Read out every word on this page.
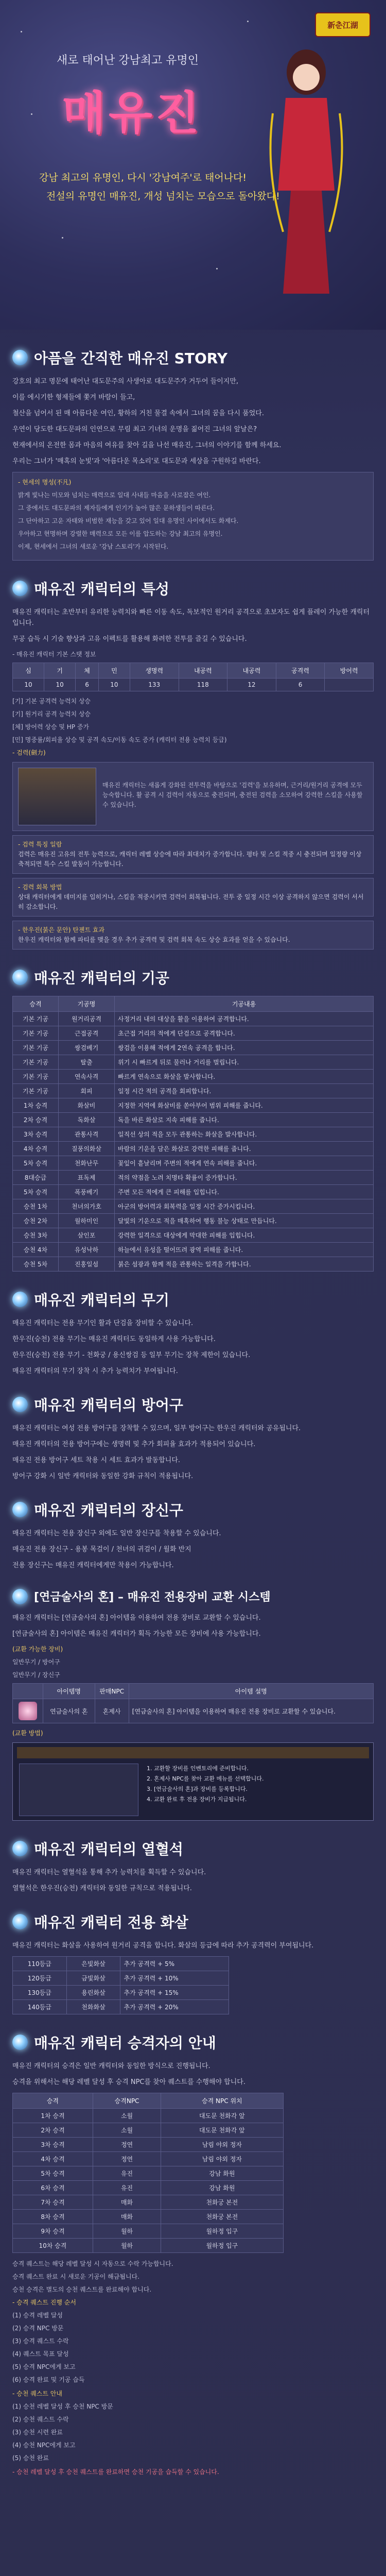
新춘江湖
새로 태어난 강남최고 유명인
매유진
강남 최고의 유명인, 다시 '강남여주'로 태어나다!
전설의 유명인 매유진, 개성 넘치는 모습으로 돌아왔다!
아픔을 간직한 매유진 STORY

강호의 최고 명문에 태어난 대도문주의 사생아로 대도문주가 거두어 들이지만,

이를 에시기한 형제들에 쫓겨 바람이 들고,

철산을 넘어서 된 매 아름다운 여인, 황하의 거친 물결 속에서 그녀의 꿈을 다시 품었다.

우연이 당도한 대도문파의 인연으로 무림 최고 기녀의 운명을 짊어진 그녀의 앞날은?

현재에서의 온전한 몸과 마음의 여유를 찾아 길을 나선 매유진, 그녀의 이야기를 함께 하세요.

우리는 그녀가 '매혹의 눈빛'과 '아름다운 목소리'로 대도문과 세상을 구원하길 바란다.

- 현세의 명성(不凡)

밝게 빛나는 미모와 넘치는 매력으로 일대 사내들 마음을 사로잡은 여인.

그 중에서도 대도문파의 제자들에게 인기가 높아 많은 문하생들이 따른다.

그 단아하고 고운 자태와 비범한 재능을 갖고 있어 일대 유명인 사이에서도 화제다.

우아하고 현명하며 강렬한 매력으로 모든 이를 압도하는 강남 최고의 유명인.

이제, 현세에서 그녀의 새로운 '강남 스토리'가 시작된다.

매유진 캐릭터의 특성

매유진 캐릭터는 초반부터 유리한 능력치와 빠른 이동 속도, 독보적인 원거리 공격으로 초보자도 쉽게 플레이 가능한 캐릭터입니다.

무공 습득 시 기술 향상과 고유 이펙트를 활용해 화려한 전투를 즐길 수 있습니다.

- 매유진 캐릭터 기본 스탯 정보

심	기	체	민	생명력	내공력	내공력	공격력	방어력
10	10	6	10	133	118	12	6	

[기] 기본 공격력 능력치 상승

[기] 원거리 공격 능력치 상승

[체] 방어력 상승 및 HP 증가

[민] 명중률/회피율 상승 및 공격 속도/이동 속도 증가 (캐릭터 전용 능력치 등급)

- 검력(劍力)

매유진 캐릭터는 새롭게 강화된 전투력을 바탕으로 '검력'을 보유하며, 근거리/원거리 공격에 모두 능숙합니다. 활 공격 시 검력이 자동으로 충전되며, 충전된 검력을 소모하여 강력한 스킬을 사용할 수 있습니다.

- 검력 특징 일람
검력은 매유진 고유의 전투 능력으로, 캐릭터 레벨 상승에 따라 최대치가 증가합니다. 평타 및 스킬 적중 시 충전되며 일정량 이상 축적되면 특수 스킬 발동이 가능합니다.
- 검력 회복 방법
상대 캐릭터에게 데미지를 입히거나, 스킬을 적중시키면 검력이 회복됩니다. 전투 중 일정 시간 이상 공격하지 않으면 검력이 서서히 감소합니다.
- 한우진(붉은 문안) 탄젠트 효과
한우진 캐릭터와 함께 파티를 맺을 경우 추가 공격력 및 검력 회복 속도 상승 효과를 얻을 수 있습니다.
매유진 캐릭터의 기공
승격	기공명	기공내용
기본 기공	원거리공격	사정거리 내의 대상을 활을 이용하여 공격합니다.
기본 기공	근접공격	초근접 거리의 적에게 단검으로 공격합니다.
기본 기공	쌍검베기	쌍검을 이용해 적에게 2연속 공격을 합니다.
기본 기공	탈출	위기 시 빠르게 뒤로 물러나 거리를 벌립니다.
기본 기공	연속사격	빠르게 연속으로 화살을 발사합니다.
기본 기공	회피	일정 시간 적의 공격을 회피합니다.
1차 승격	화살비	지정한 지역에 화살비를 쏟아부어 범위 피해를 줍니다.
2차 승격	독화살	독을 바른 화살로 지속 피해를 줍니다.
3차 승격	관통사격	일직선 상의 적을 모두 관통하는 화살을 발사합니다.
4차 승격	질풍의화살	바람의 기운을 담은 화살로 강력한 피해를 줍니다.
5차 승격	천화난무	꽃잎이 흩날리며 주변의 적에게 연속 피해를 줍니다.
8대승급	표독제	적의 약점을 노려 치명타 확률이 증가합니다.
5차 승격	폭풍베기	주변 모든 적에게 큰 피해를 입힙니다.
승천 1차	천녀의가호	아군의 방어력과 회복력을 일정 시간 증가시킵니다.
승천 2차	월하미인	달빛의 기운으로 적을 매혹하여 행동 불능 상태로 만듭니다.
승천 3차	살인포	강력한 일격으로 대상에게 막대한 피해를 입힙니다.
승천 4차	유성낙하	하늘에서 유성을 떨어뜨려 광역 피해를 줍니다.
승천 5차	진홍일섬	붉은 섬광과 함께 적을 관통하는 일격을 가합니다.
매유진 캐릭터의 무기

매유진 캐릭터는 전용 무기인 활과 단검을 장비할 수 있습니다.

한우진(승천) 전용 무기는 매유진 캐릭터도 동일하게 사용 가능합니다.

한우진(승천) 전용 무기 - 천화궁 / 용신쌍검 등 일부 무기는 장착 제한이 있습니다.

매유진 캐릭터의 무기 장착 시 추가 능력치가 부여됩니다.

매유진 캐릭터의 방어구

매유진 캐릭터는 여성 전용 방어구를 장착할 수 있으며, 일부 방어구는 한우진 캐릭터와 공유됩니다.

매유진 캐릭터의 전용 방어구에는 생명력 및 추가 회피율 효과가 적용되어 있습니다.

매유진 전용 방어구 세트 착용 시 세트 효과가 발동합니다.

방어구 강화 시 일반 캐릭터와 동일한 강화 규칙이 적용됩니다.

매유진 캐릭터의 장신구

매유진 캐릭터는 전용 장신구 외에도 일반 장신구를 착용할 수 있습니다.

매유진 전용 장신구 - 용봉 목걸이 / 천녀의 귀걸이 / 월화 반지

전용 장신구는 매유진 캐릭터에게만 착용이 가능합니다.

[연금술사의 혼] – 매유진 전용장비 교환 시스템

매유진 캐릭터는 [연금술사의 혼] 아이템을 이용하여 전용 장비로 교환할 수 있습니다.

[연금술사의 혼] 아이템은 매유진 캐릭터가 획득 가능한 모든 장비에 사용 가능합니다.

(교환 가능한 장비)

일반무기 / 방어구

일반무기 / 장신구

	아이템명	판매NPC	아이템 설명

	연금술사의 혼	혼제사	[연금술사의 혼] 아이템을 이용하여 매유진 전용 장비로 교환할 수 있습니다.

(교환 방법)

1. 교환할 장비를 인벤토리에 준비합니다.
2. 혼제사 NPC를 찾아 교환 메뉴를 선택합니다.
3. [연금술사의 혼]과 장비를 등록합니다.
4. 교환 완료 후 전용 장비가 지급됩니다.
매유진 캐릭터의 열혈석

매유진 캐릭터는 열혈석을 통해 추가 능력치를 획득할 수 있습니다.

열혈석은 한우진(승천) 캐릭터와 동일한 규칙으로 적용됩니다.

매유진 캐릭터 전용 화살

매유진 캐릭터는 화살을 사용하여 원거리 공격을 합니다. 화살의 등급에 따라 추가 공격력이 부여됩니다.

110등급	은빛화살	추가 공격력 + 5%
120등급	금빛화살	추가 공격력 + 10%
130등급	용린화살	추가 공격력 + 15%
140등급	천화화살	추가 공격력 + 20%
매유진 캐릭터 승격자의 안내

매유진 캐릭터의 승격은 일반 캐릭터와 동일한 방식으로 진행됩니다.

승격을 위해서는 해당 레벨 달성 후 승격 NPC를 찾아 퀘스트를 수행해야 합니다.

승격	승격NPC	승격 NPC 위치
1차 승격	소월	대도문 천화각 앞
2차 승격	소월	대도문 천화각 앞
3차 승격	정연	남림 야외 정자
4차 승격	정연	남림 야외 정자
5차 승격	유진	강남 화원
6차 승격	유진	강남 화원
7차 승격	매화	천화궁 본전
8차 승격	매화	천화궁 본전
9차 승격	월하	월하정 입구
10차 승격	월하	월하정 입구

승격 퀘스트는 해당 레벨 달성 시 자동으로 수락 가능합니다.

승격 퀘스트 완료 시 새로운 기공이 해금됩니다.

승천 승격은 별도의 승천 퀘스트를 완료해야 합니다.

- 승격 퀘스트 진행 순서

(1) 승격 레벨 달성

(2) 승격 NPC 방문

(3) 승격 퀘스트 수락

(4) 퀘스트 목표 달성

(5) 승격 NPC에게 보고

(6) 승격 완료 및 기공 습득

- 승천 퀘스트 안내

(1) 승천 레벨 달성 후 승천 NPC 방문

(2) 승천 퀘스트 수락

(3) 승천 시련 완료

(4) 승천 NPC에게 보고

(5) 승천 완료

- 승천 레벨 달성 후 승천 퀘스트를 완료하면 승천 기공을 습득할 수 있습니다.
